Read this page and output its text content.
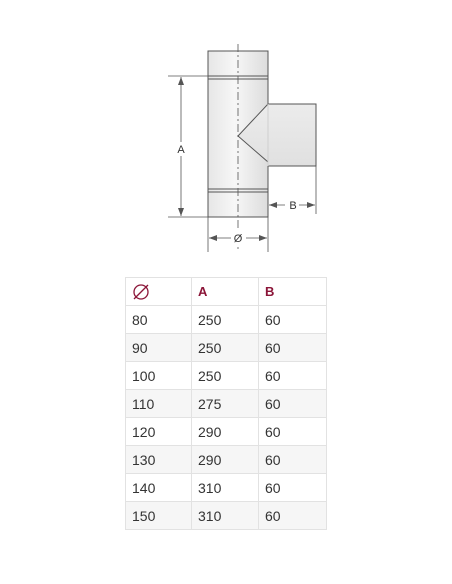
A
B
Ø
	A	B
80	250	60
90	250	60
100	250	60
110	275	60
120	290	60
130	290	60
140	310	60
150	310	60
